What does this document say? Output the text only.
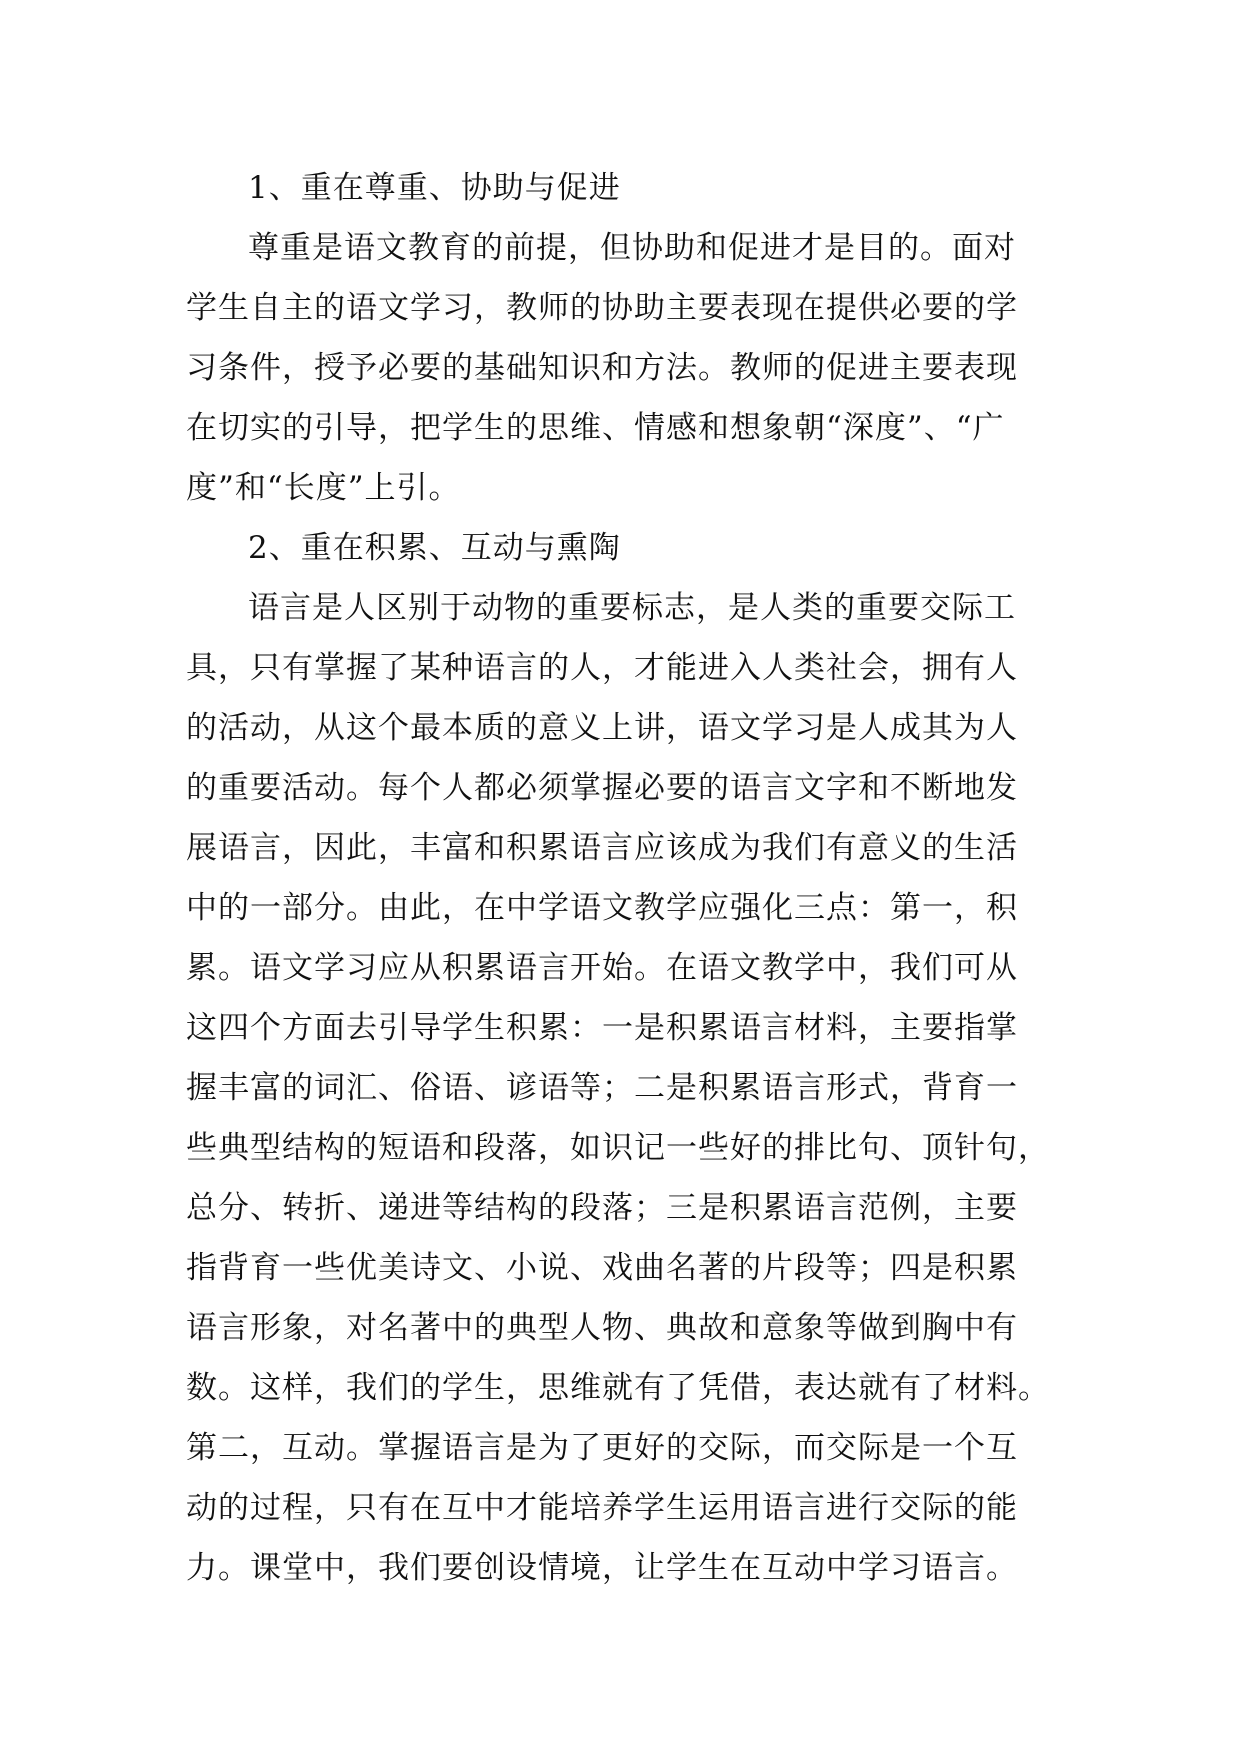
1、重在尊重、协助与促进
尊重是语文教育的前提，但协助和促进才是目的。面对
学生自主的语文学习，教师的协助主要表现在提供必要的学
习条件，授予必要的基础知识和方法。教师的促进主要表现
在切实的引导，把学生的思维、情感和想象朝“深度”、“广
度”和“长度”上引。
2、重在积累、互动与熏陶
语言是人区别于动物的重要标志，是人类的重要交际工
具，只有掌握了某种语言的人，才能进入人类社会，拥有人
的活动，从这个最本质的意义上讲，语文学习是人成其为人
的重要活动。每个人都必须掌握必要的语言文字和不断地发
展语言，因此，丰富和积累语言应该成为我们有意义的生活
中的一部分。由此，在中学语文教学应强化三点：第一，积
累。语文学习应从积累语言开始。在语文教学中，我们可从
这四个方面去引导学生积累：一是积累语言材料，主要指掌
握丰富的词汇、俗语、谚语等；二是积累语言形式，背育一
些典型结构的短语和段落，如识记一些好的排比句、顶针句，
总分、转折、递进等结构的段落；三是积累语言范例，主要
指背育一些优美诗文、小说、戏曲名著的片段等；四是积累
语言形象，对名著中的典型人物、典故和意象等做到胸中有
数。这样，我们的学生，思维就有了凭借，表达就有了材料。
第二，互动。掌握语言是为了更好的交际，而交际是一个互
动的过程，只有在互中才能培养学生运用语言进行交际的能
力。课堂中，我们要创设情境，让学生在互动中学习语言。
